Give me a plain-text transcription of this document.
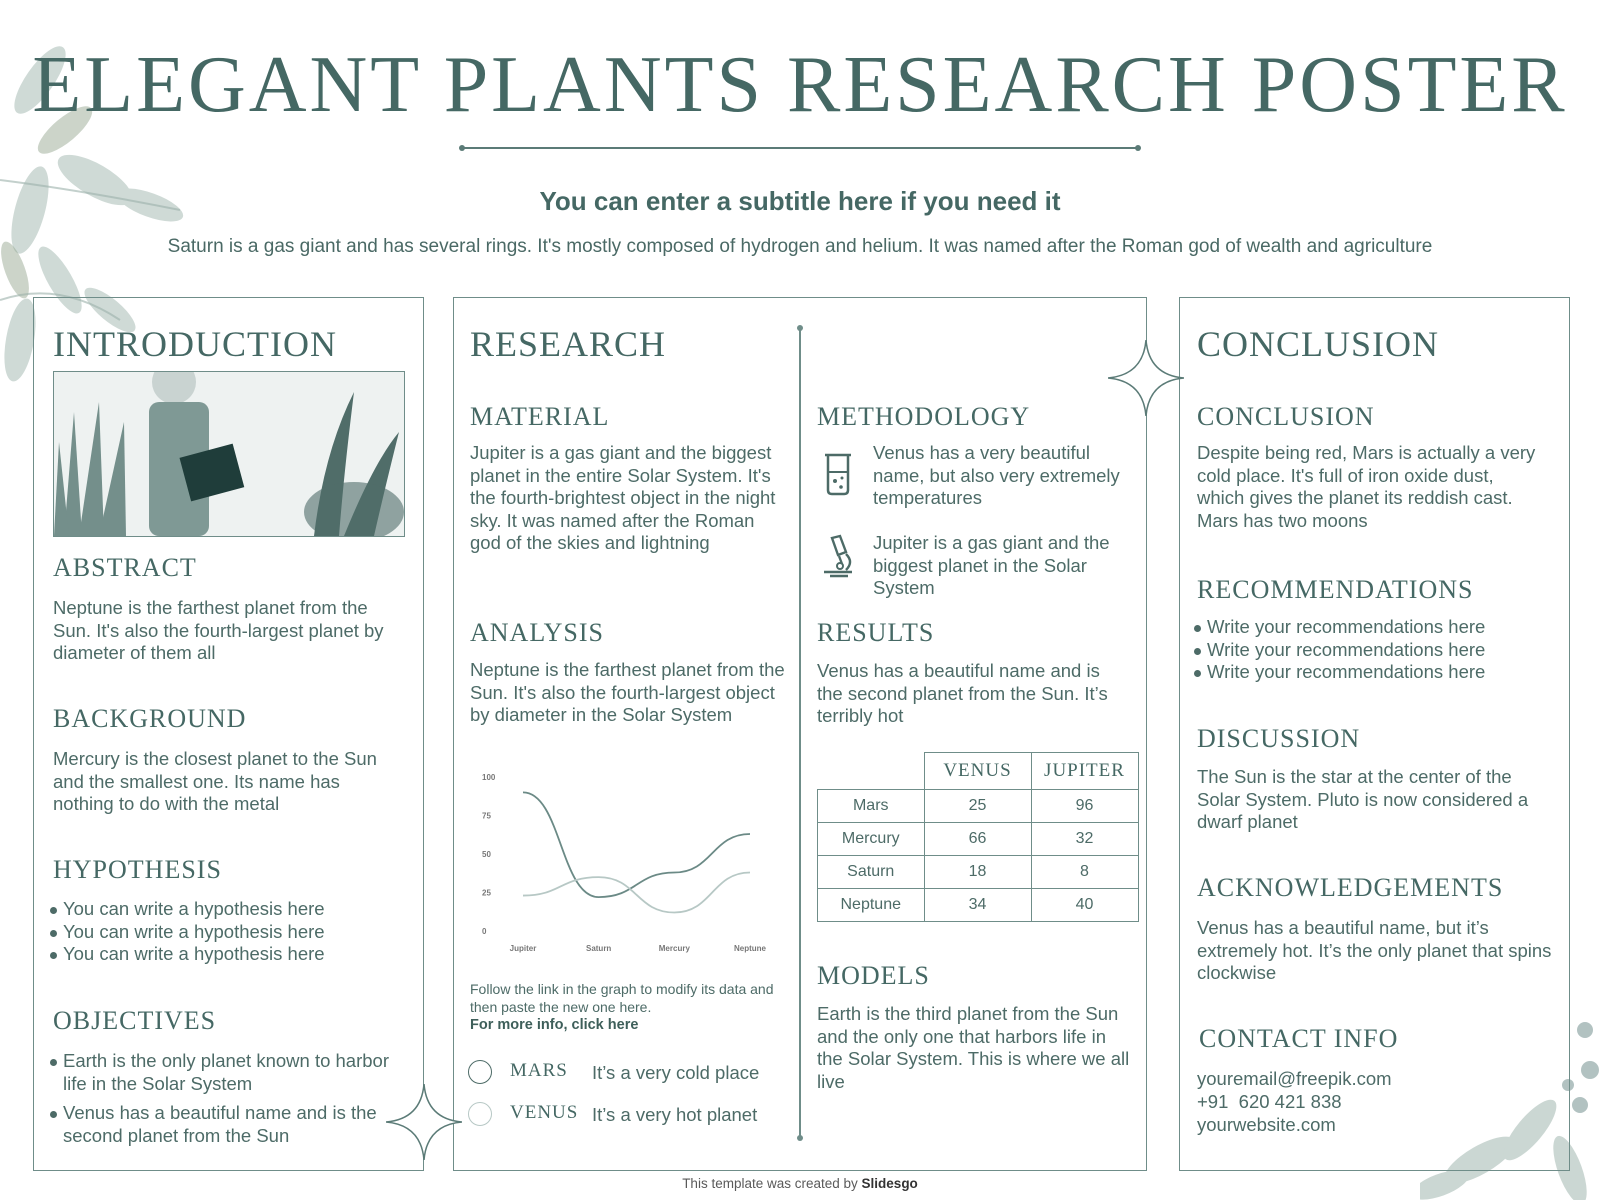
ELEGANT PLANTS RESEARCH POSTER
You can enter a subtitle here if you need it

Saturn is a gas giant and has several rings. It's mostly composed of hydrogen and helium. It was named after the Roman god of wealth and agriculture

INTRODUCTION
ABSTRACT

Neptune is the farthest planet from the Sun. It's also the fourth-largest planet by diameter of them all

BACKGROUND

Mercury is the closest planet to the Sun and the smallest one. Its name has nothing to do with the metal

HYPOTHESIS
You can write a hypothesis here
You can write a hypothesis here
You can write a hypothesis here
OBJECTIVES
Earth is the only planet known to harbor life in the Solar System
Venus has a beautiful name and is the second planet from the Sun
RESEARCH
MATERIAL

Jupiter is a gas giant and the biggest planet in the entire Solar System. It's the fourth-brightest object in the night sky. It was named after the Roman god of the skies and lightning

ANALYSIS

Neptune is the farthest planet from the Sun. It's also the fourth-largest object by diameter in the Solar System

100
75
50
25
0
Jupiter	Saturn	Mercury	Neptune

Follow the link in the graph to modify its data and then paste the new one here.

For more info, click here
MARS It’s a very cold place
VENUS It’s a very hot planet
METHODOLOGY

Venus has a very beautiful name, but also very extremely temperatures

Jupiter is a gas giant and the biggest planet in the Solar System

RESULTS

Venus has a beautiful name and is the second planet from the Sun. It’s terribly hot

	VENUS	JUPITER
Mars	25	96
Mercury	66	32
Saturn	18	8
Neptune	34	40
MODELS

Earth is the third planet from the Sun and the only one that harbors life in the Solar System. This is where we all live

CONCLUSION
CONCLUSION

Despite being red, Mars is actually a very cold place. It's full of iron oxide dust, which gives the planet its reddish cast. Mars has two moons

RECOMMENDATIONS
Write your recommendations here
Write your recommendations here
Write your recommendations here
DISCUSSION

The Sun is the star at the center of the Solar System. Pluto is now considered a dwarf planet

ACKNOWLEDGEMENTS

Venus has a beautiful name, but it’s extremely hot. It’s the only planet that spins clockwise

CONTACT INFO
youremail@freepik.com
+91  620 421 838
yourwebsite.com
This template was created by Slidesgo
